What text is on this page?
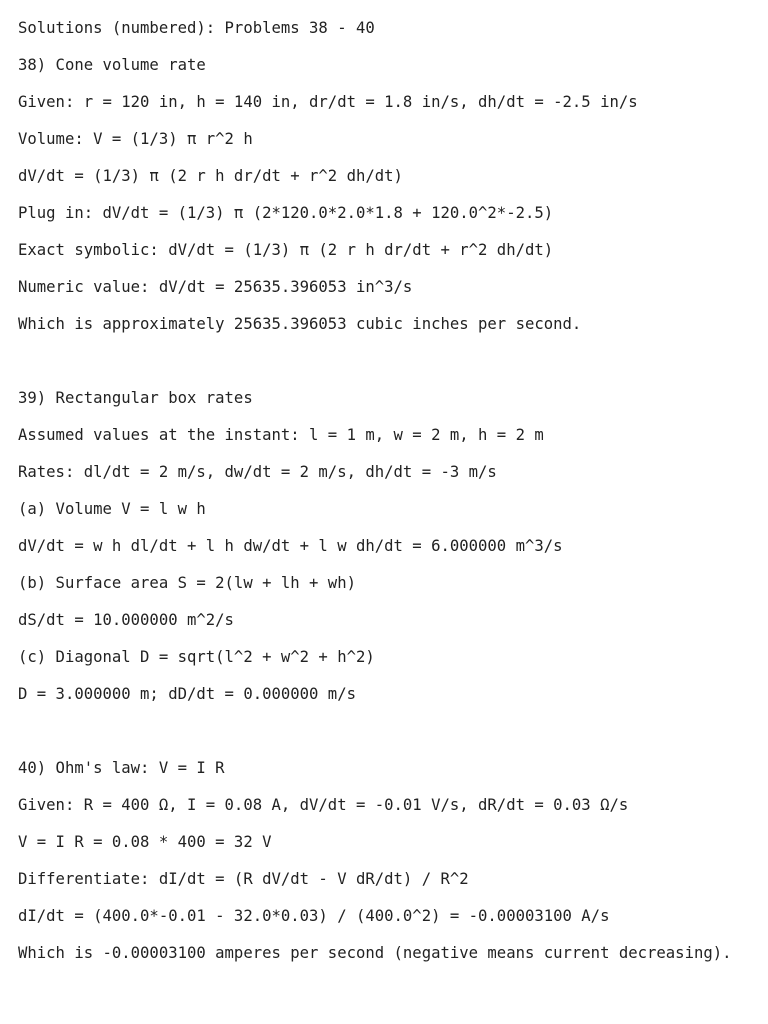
Solutions (numbered): Problems 38 - 40
38) Cone volume rate
Given: r = 120 in, h = 140 in, dr/dt = 1.8 in/s, dh/dt = -2.5 in/s
Volume: V = (1/3) π r^2 h
dV/dt = (1/3) π (2 r h dr/dt + r^2 dh/dt)
Plug in: dV/dt = (1/3) π (2*120.0*2.0*1.8 + 120.0^2*-2.5)
Exact symbolic: dV/dt = (1/3) π (2 r h dr/dt + r^2 dh/dt)
Numeric value: dV/dt = 25635.396053 in^3/s
Which is approximately 25635.396053 cubic inches per second.
39) Rectangular box rates
Assumed values at the instant: l = 1 m, w = 2 m, h = 2 m
Rates: dl/dt = 2 m/s, dw/dt = 2 m/s, dh/dt = -3 m/s
(a) Volume V = l w h
dV/dt = w h dl/dt + l h dw/dt + l w dh/dt = 6.000000 m^3/s
(b) Surface area S = 2(lw + lh + wh)
dS/dt = 10.000000 m^2/s
(c) Diagonal D = sqrt(l^2 + w^2 + h^2)
D = 3.000000 m; dD/dt = 0.000000 m/s
40) Ohm's law: V = I R
Given: R = 400 Ω, I = 0.08 A, dV/dt = -0.01 V/s, dR/dt = 0.03 Ω/s
V = I R = 0.08 * 400 = 32 V
Differentiate: dI/dt = (R dV/dt - V dR/dt) / R^2
dI/dt = (400.0*-0.01 - 32.0*0.03) / (400.0^2) = -0.00003100 A/s
Which is -0.00003100 amperes per second (negative means current decreasing).
